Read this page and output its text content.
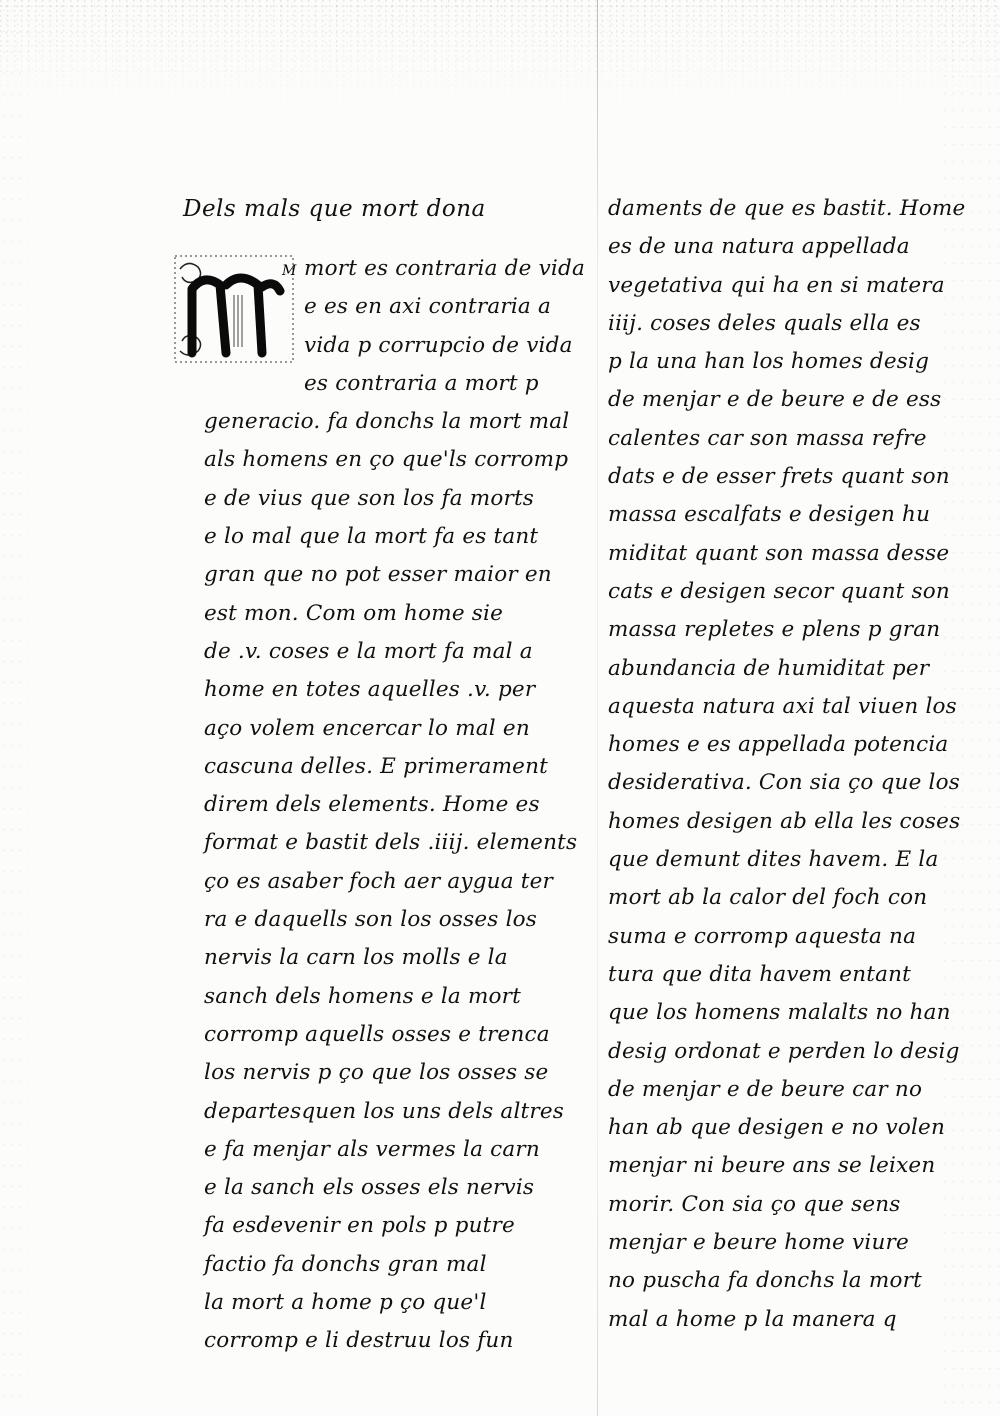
Dels mals que mort dona
M mort es contraria de vida
e es en axi contraria a
vida p corrupcio de vida
es contraria a mort p
generacio. fa donchs la mort mal
als homens en ço que'ls corromp
e de vius que son los fa morts
e lo mal que la mort fa es tant
gran que no pot esser maior en
est mon. Com om home sie
de .v. coses e la mort fa mal a
home en totes aquelles .v. per
aço volem encercar lo mal en
cascuna delles. E primerament
direm dels elements. Home es
format e bastit dels .iiij. elements
ço es asaber foch aer aygua ter
ra e daquells son los osses los
nervis la carn los molls e la
sanch dels homens e la mort
corromp aquells osses e trenca
los nervis p ço que los osses se
departesquen los uns dels altres
e fa menjar als vermes la carn
e la sanch els osses els nervis
fa esdevenir en pols p putre
factio fa donchs gran mal
la mort a home p ço que'l
corromp e li destruu los fun
daments de que es bastit. Home
es de una natura appellada
vegetativa qui ha en si matera
iiij. coses deles quals ella es
p la una han los homes desig
de menjar e de beure e de ess
calentes car son massa refre
dats e de esser frets quant son
massa escalfats e desigen hu
miditat quant son massa desse
cats e desigen secor quant son
massa repletes e plens p gran
abundancia de humiditat per
aquesta natura axi tal viuen los
homes e es appellada potencia
desiderativa. Con sia ço que los
homes desigen ab ella les coses
que demunt dites havem. E la
mort ab la calor del foch con
suma e corromp aquesta na
tura que dita havem entant
que los homens malalts no han
desig ordonat e perden lo desig
de menjar e de beure car no
han ab que desigen e no volen
menjar ni beure ans se leixen
morir. Con sia ço que sens
menjar e beure home viure
no puscha fa donchs la mort
mal a home p la manera q
